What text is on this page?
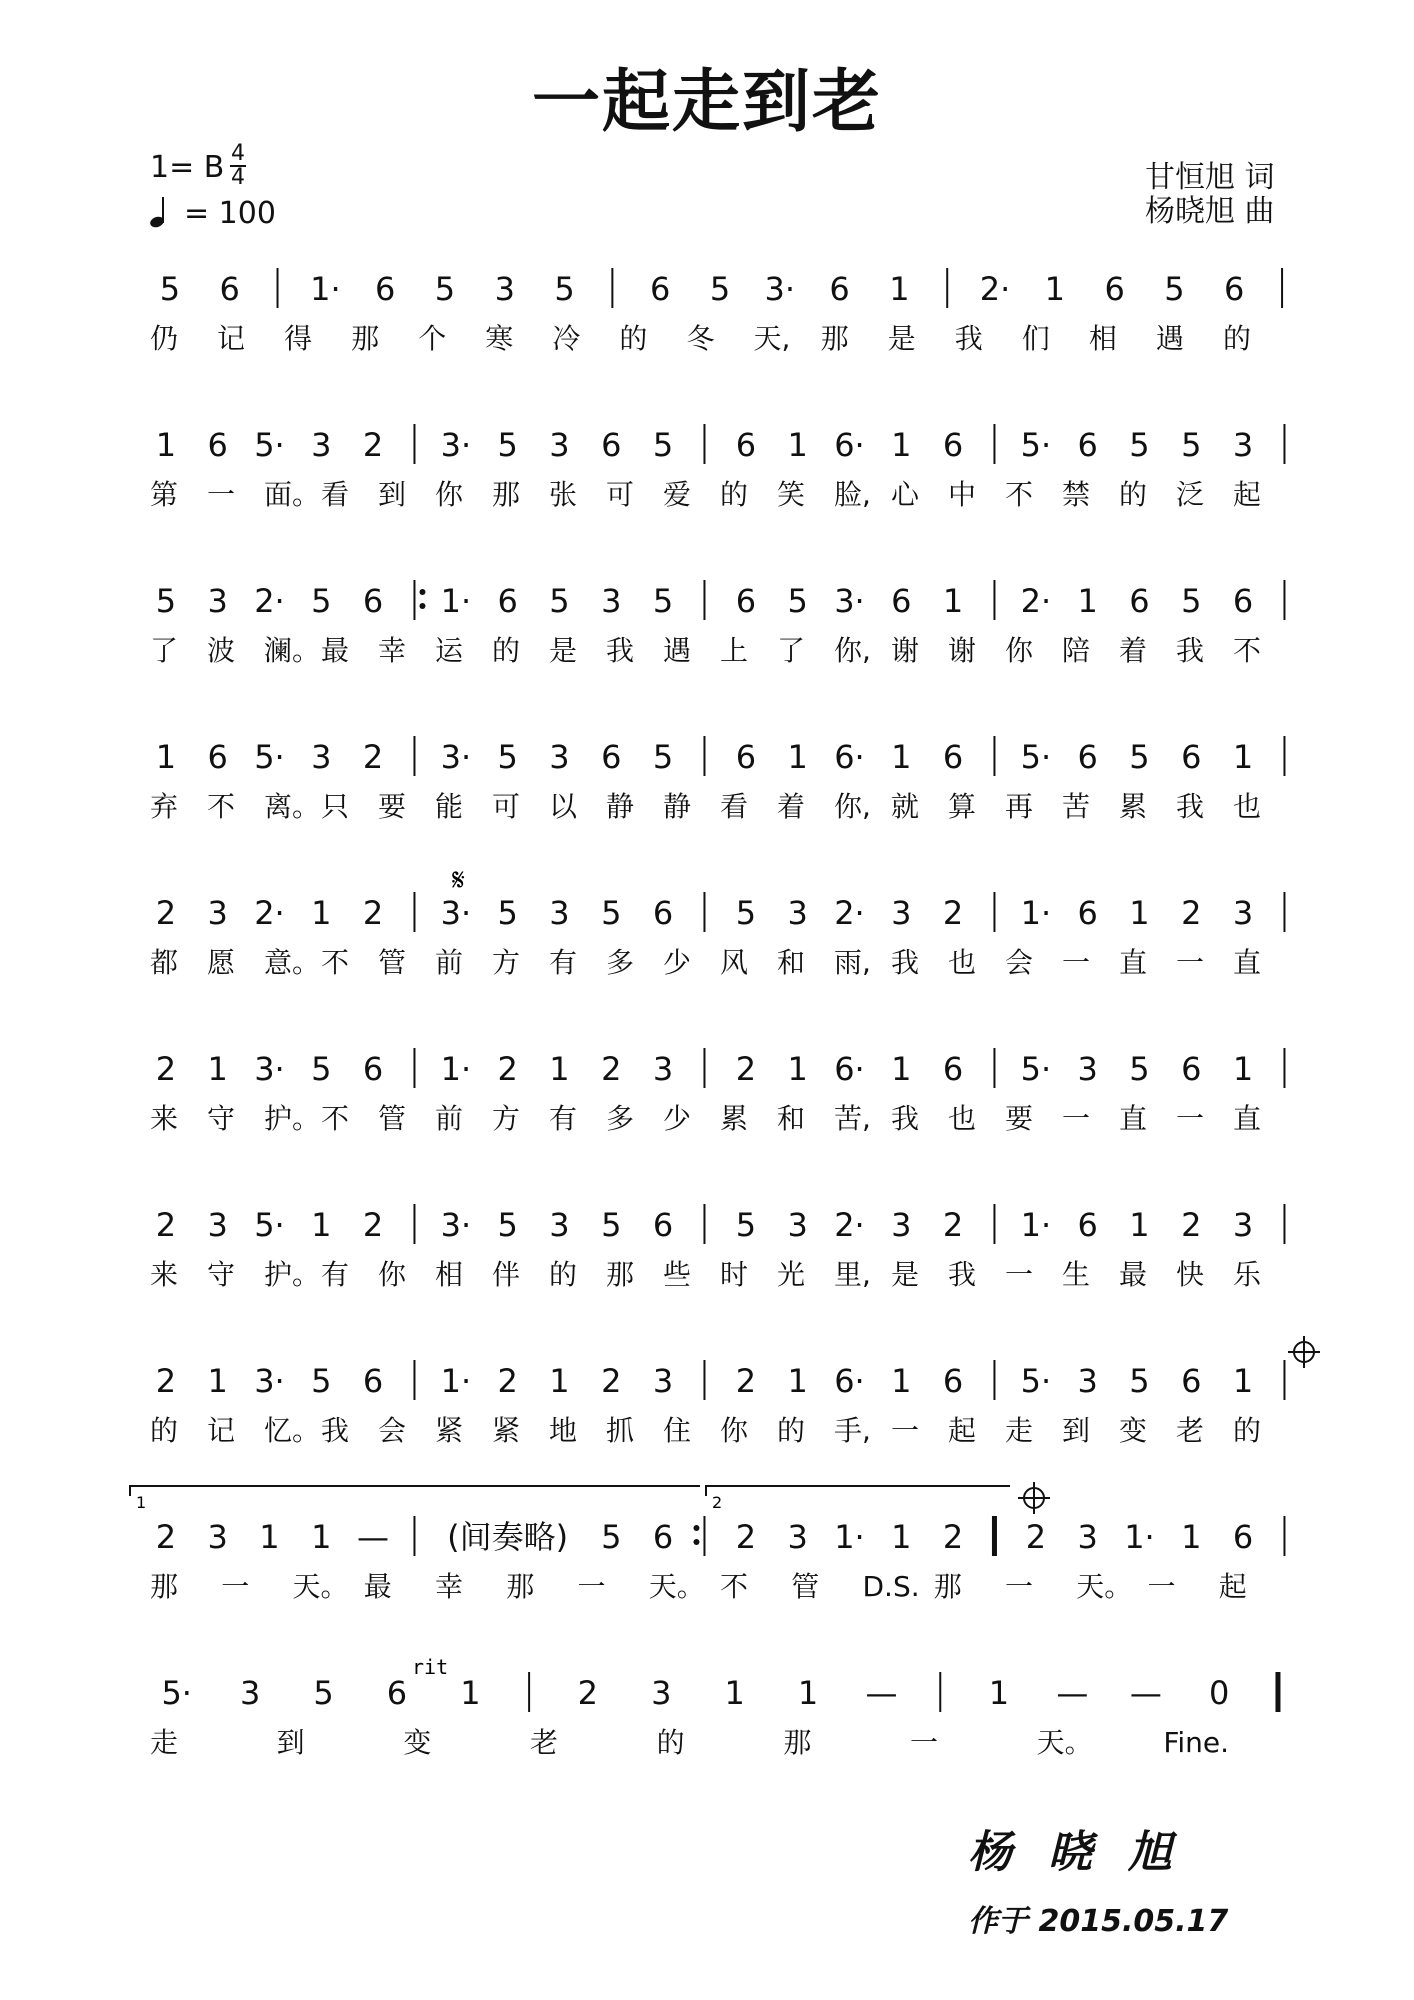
一起走到老
1= B 4
4
= 100
甘恒旭 词
杨晓旭 曲
5 6 1· 6 5 3 5 6 5 3· 6 1 2· 1 6 5 6
仍 记 得 那 个 寒 冷 的 冬 天, 那 是 我 们 相 遇 的
1 6 5· 3 2 3· 5 3 6 5 6 1 6· 1 6 5· 6 5 5 3
第 一 面。 看 到 你 那 张 可 爱 的 笑 脸, 心 中 不 禁 的 泛 起
5 3 2· 5 6 1· 6 5 3 5 6 5 3· 6 1 2· 1 6 5 6
了 波 澜。 最 幸 运 的 是 我 遇 上 了 你, 谢 谢 你 陪 着 我 不
1 6 5· 3 2 3· 5 3 6 5 6 1 6· 1 6 5· 6 5 6 1
弃 不 离。 只 要 能 可 以 静 静 看 着 你, 就 算 再 苦 累 我 也
2 3 2· 1 2 3· 5 3 5 6 5 3 2· 3 2 1· 6 1 2 3
都 愿 意。 不 管 前 方 有 多 少 风 和 雨, 我 也 会 一 直 一 直
2 1 3· 5 6 1· 2 1 2 3 2 1 6· 1 6 5· 3 5 6 1
来 守 护。 不 管 前 方 有 多 少 累 和 苦, 我 也 要 一 直 一 直
2 3 5· 1 2 3· 5 3 5 6 5 3 2· 3 2 1· 6 1 2 3
来 守 护。 有 你 相 伴 的 那 些 时 光 里, 是 我 一 生 最 快 乐
2 1 3· 5 6 1· 2 1 2 3 2 1 6· 1 6 5· 3 5 6 1
的 记 忆。 我 会 紧 紧 地 抓 住 你 的 手, 一 起 走 到 变 老 的
2 3 1 1 — (间奏略) 5 6 2 3 1· 1 2 2 3 1· 1 6
那 一 天。 最 幸 那 一 天。 不 管 D.S. 那 一 天。 一 起
5· 3 5 6 1	2 3 1 1 —	1 — — 0
走	到	变	老	的	那	一	天。	Fine.
1	2
𝄋
rit
杨晓旭
作于 2015.05.17
